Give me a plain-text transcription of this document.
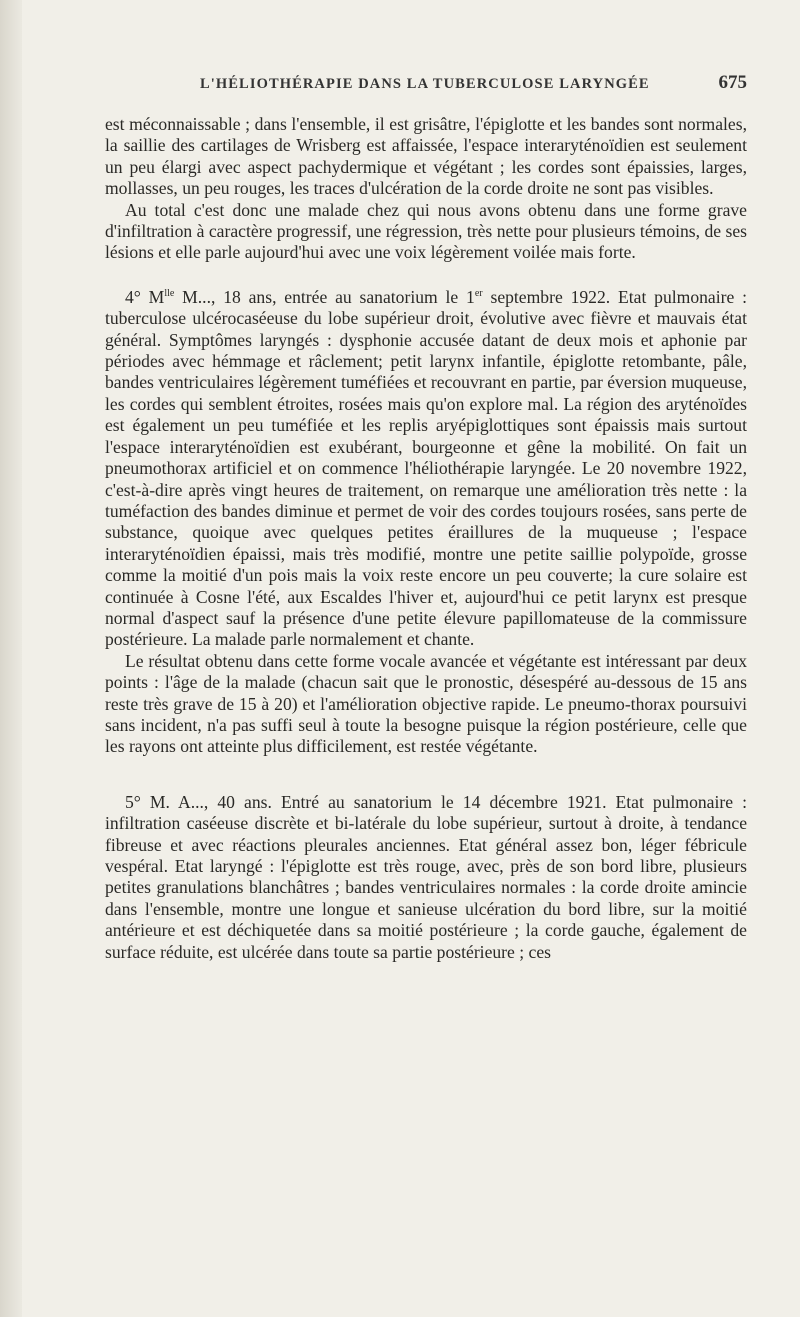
L'HÉLIOTHÉRAPIE DANS LA TUBERCULOSE LARYNGÉE	675

est méconnaissable ; dans l'ensemble, il est grisâtre, l'épiglotte et les bandes sont normales, la saillie des cartilages de Wrisberg est affaissée, l'espace interaryténoïdien est seulement un peu élargi avec aspect pachydermique et végétant ; les cordes sont épaissies, larges, mollasses, un peu rouges, les traces d'ulcération de la corde droite ne sont pas visibles.

Au total c'est donc une malade chez qui nous avons obtenu dans une forme grave d'infiltration à caractère progressif, une régression, très nette pour plusieurs témoins, de ses lésions et elle parle aujourd'hui avec une voix légèrement voilée mais forte.

4° $M^{lle}$ M..., 18 ans, entrée au sanatorium le 1er septembre 1922. Etat pulmonaire : tuberculose ulcérocaséeuse du lobe supérieur droit, évolutive avec fièvre et mauvais état général. Symptômes laryngés : dysphonie accusée datant de deux mois et aphonie par périodes avec hémmage et râclement; petit larynx infantile, épiglotte retombante, pâle, bandes ventriculaires légèrement tuméfiées et recouvrant en partie, par éversion muqueuse, les cordes qui semblent étroites, rosées mais qu'on explore mal. La région des aryténoïdes est également un peu tuméfiée et les replis aryépiglottiques sont épaissis mais surtout l'espace interaryténoïdien est exubérant, bourgeonne et gêne la mobilité. On fait un pneumothorax artificiel et on commence l'héliothérapie laryngée. Le 20 novembre 1922, c'est-à-dire après vingt heures de traitement, on remarque une amélioration très nette : la tuméfaction des bandes diminue et permet de voir des cordes toujours rosées, sans perte de substance, quoique avec quelques petites éraillures de la muqueuse ; l'espace interaryténoïdien épaissi, mais très modifié, montre une petite saillie polypoïde, grosse comme la moitié d'un pois mais la voix reste encore un peu couverte; la cure solaire est continuée à Cosne l'été, aux Escaldes l'hiver et, aujourd'hui ce petit larynx est presque normal d'aspect sauf la présence d'une petite élevure papillomateuse de la commissure postérieure. La malade parle normalement et chante.

Le résultat obtenu dans cette forme vocale avancée et végétante est intéressant par deux points : l'âge de la malade (chacun sait que le pronostic, désespéré au-dessous de 15 ans reste très grave de 15 à 20) et l'amélioration objective rapide. Le pneumo-thorax poursuivi sans incident, n'a pas suffi seul à toute la besogne puisque la région postérieure, celle que les rayons ont atteinte plus difficilement, est restée végétante.

5° M. A..., 40 ans. Entré au sanatorium le 14 décembre 1921. Etat pulmonaire : infiltration caséeuse discrète et bi-latérale du lobe supérieur, surtout à droite, à tendance fibreuse et avec réactions pleurales anciennes. Etat général assez bon, léger fébricule vespéral. Etat laryngé : l'épiglotte est très rouge, avec, près de son bord libre, plusieurs petites granulations blanchâtres ; bandes ventriculaires normales : la corde droite amincie dans l'ensemble, montre une longue et sanieuse ulcération du bord libre, sur la moitié antérieure et est déchiquetée dans sa moitié postérieure ; la corde gauche, également de surface réduite, est ulcérée dans toute sa partie postérieure ; ces
